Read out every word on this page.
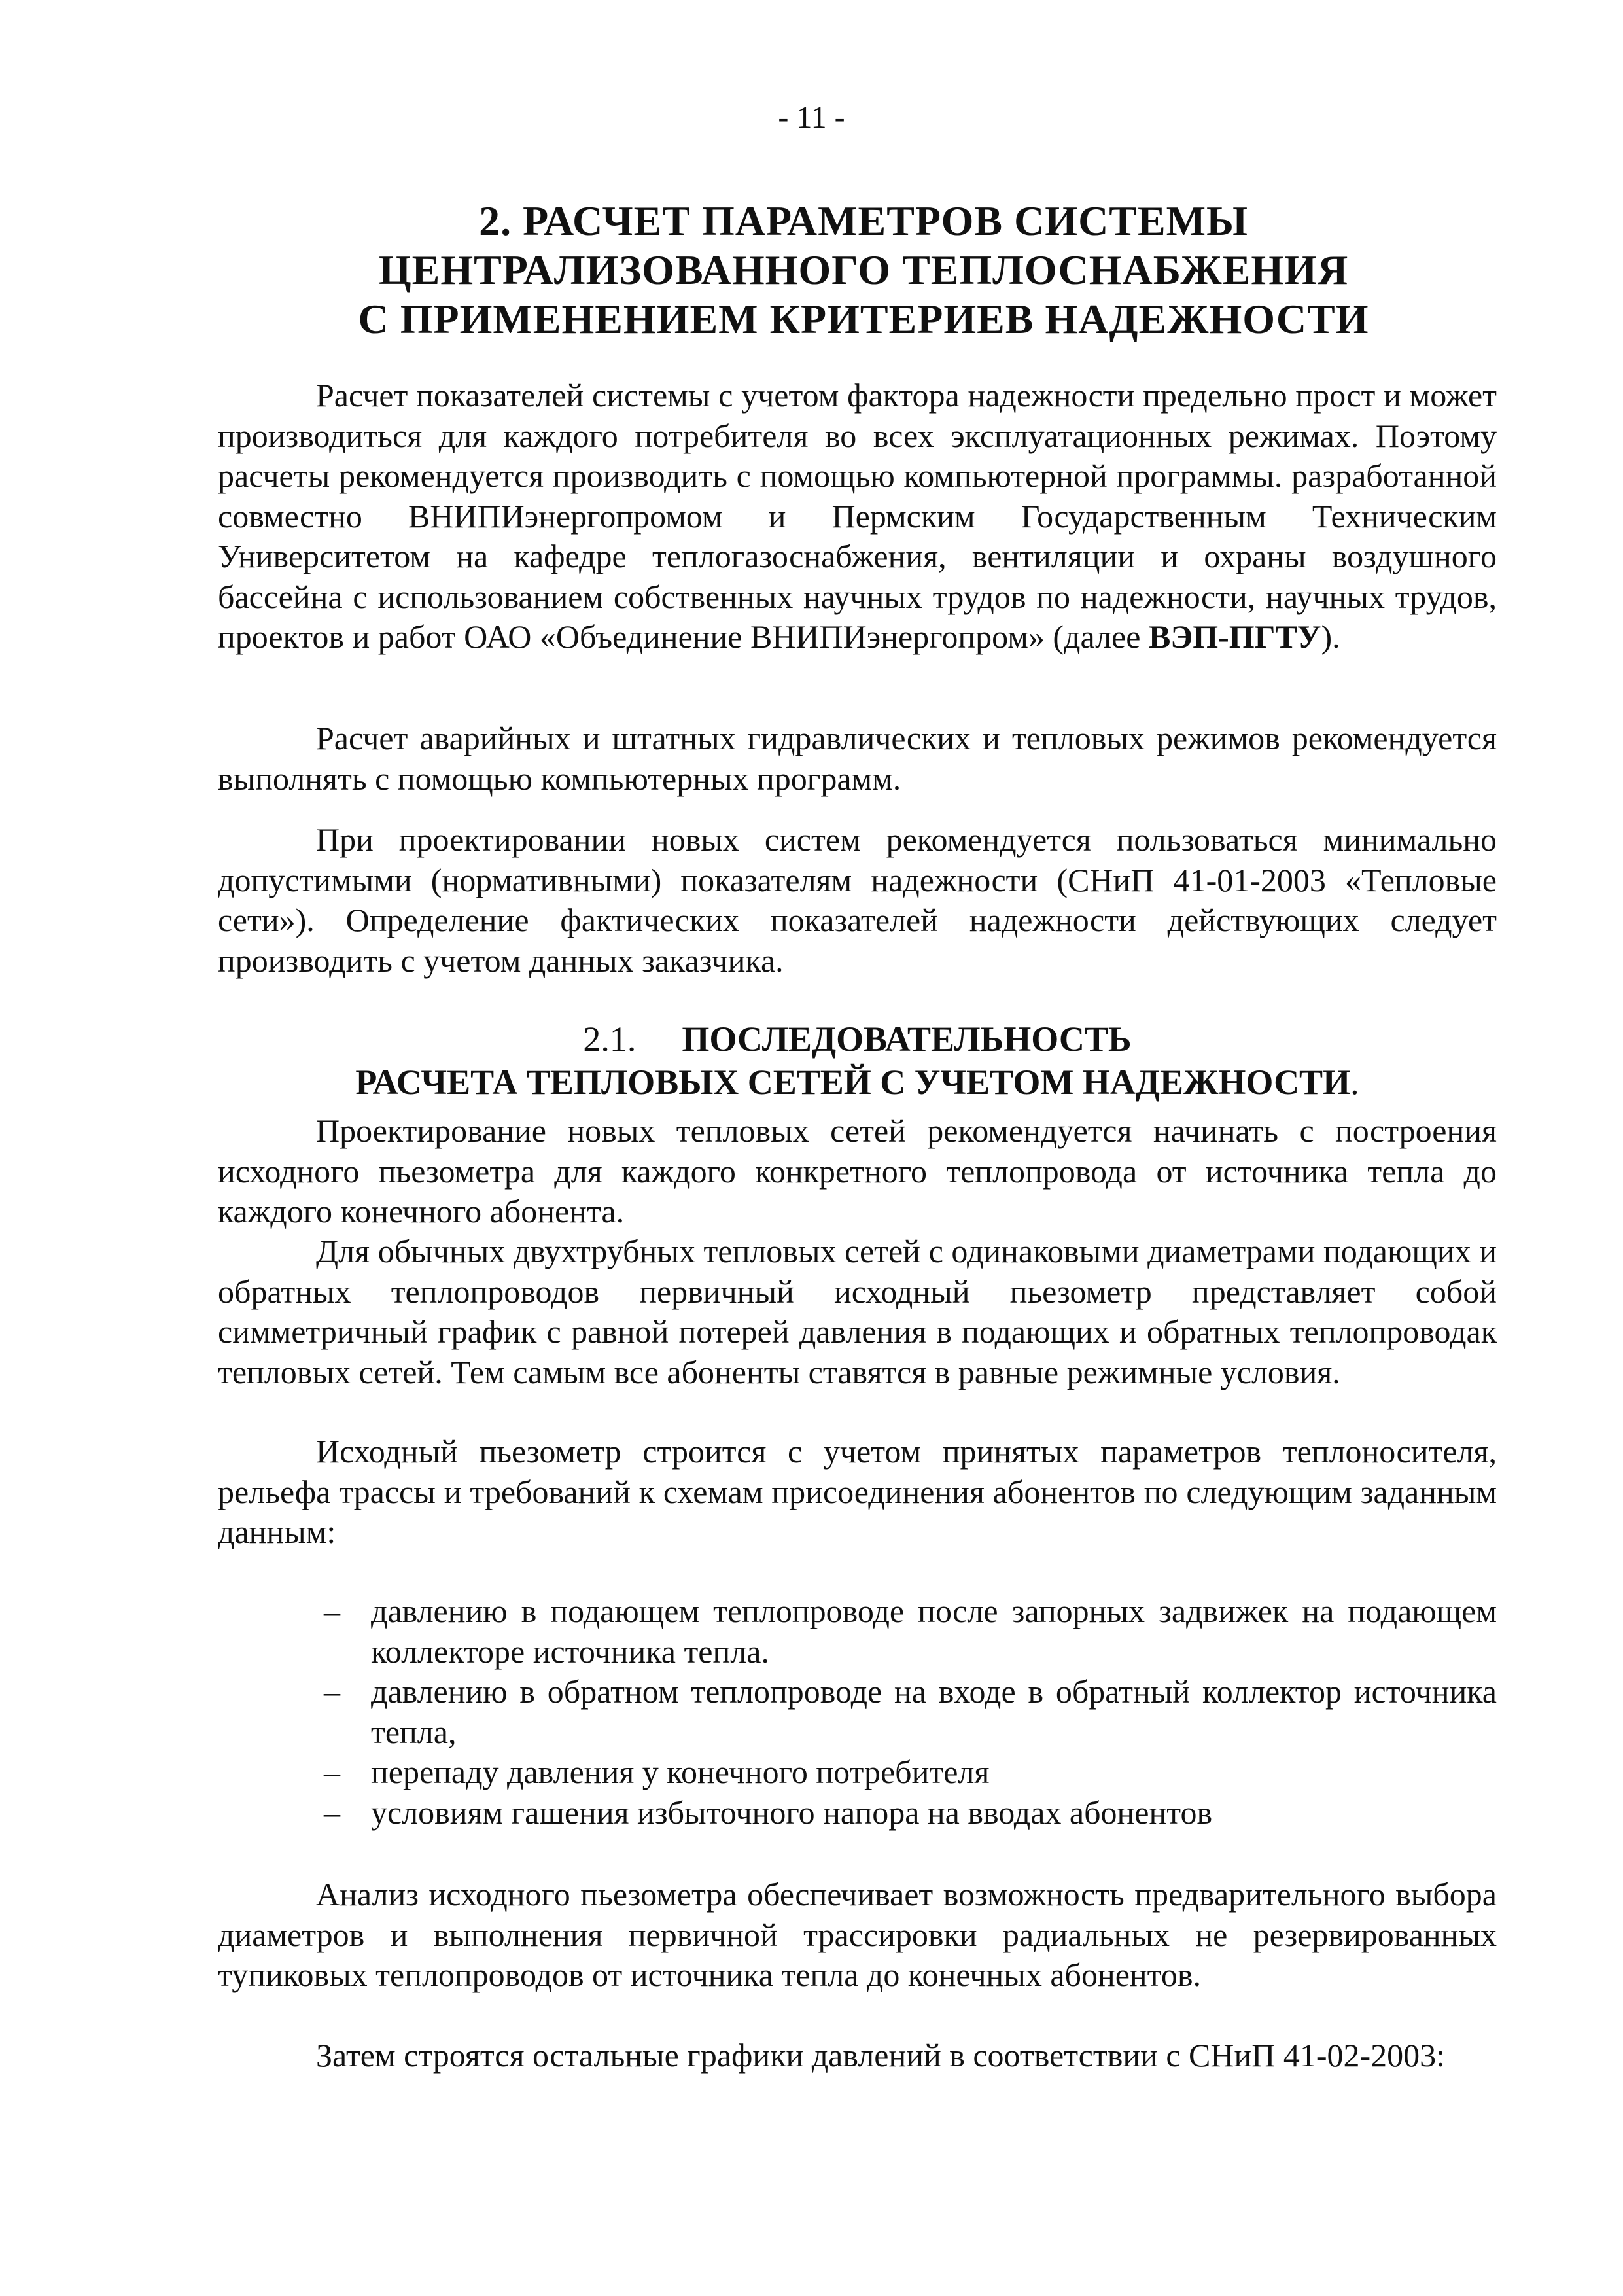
- 11 -
2. РАСЧЕТ ПАРАМЕТРОВ СИСТЕМЫ
ЦЕНТРАЛИЗОВАННОГО ТЕПЛОСНАБЖЕНИЯ
С ПРИМЕНЕНИЕМ КРИТЕРИЕВ НАДЕЖНОСТИ

Расчет показателей системы с учетом фактора надежности предельно прост и может производиться для каждого потребителя во всех эксплуатационных режимах. Поэтому расчеты рекомендуется производить с помощью компьютерной программы. разработанной совместно ВНИПИэнергопромом и Пермским Государственным Техническим Университетом на кафедре теплогазоснабжения, вентиляции и охраны воздушного бассейна с использованием собственных научных трудов по надежности, научных трудов, проектов и работ ОАО «Объединение ВНИПИэнергопром» (далее ВЭП-ПГТУ).

Расчет аварийных и штатных гидравлических и тепловых режимов рекомендуется выполнять с помощью компьютерных программ.

При проектировании новых систем рекомендуется пользоваться минимально допустимыми (нормативными) показателям надежности (СНиП 41-01-2003 «Тепловые сети»). Определение фактических показателей надежности действующих следует производить с учетом данных заказчика.

2.1. ПОСЛЕДОВАТЕЛЬНОСТЬ
РАСЧЕТА ТЕПЛОВЫХ СЕТЕЙ С УЧЕТОМ НАДЕЖНОСТИ.

Проектирование новых тепловых сетей рекомендуется начинать с построения исходного пьезометра для каждого конкретного теплопровода от источника тепла до каждого конечного абонента.

Для обычных двухтрубных тепловых сетей с одинаковыми диаметрами подающих и обратных теплопроводов первичный исходный пьезометр представляет собой симметричный график с равной потерей давления в подающих и обратных теплопроводак тепловых сетей. Тем самым все абоненты ставятся в равные режимные условия.

Исходный пьезометр строится с учетом принятых параметров теплоносителя, рельефа трассы и требований к схемам присоединения абонентов по следующим заданным данным:

– давлению в подающем теплопроводе после запорных задвижек на подающем коллекторе источника тепла.
– давлению в обратном теплопроводе на входе в обратный коллектор источника тепла,
– перепаду давления у конечного потребителя
– условиям гашения избыточного напора на вводах абонентов

Анализ исходного пьезометра обеспечивает возможность предварительного выбора диаметров и выполнения первичной трассировки радиальных не резервированных тупиковых теплопроводов от источника тепла до конечных абонентов.

Затем строятся остальные графики давлений в соответствии с СНиП 41-02-2003:
